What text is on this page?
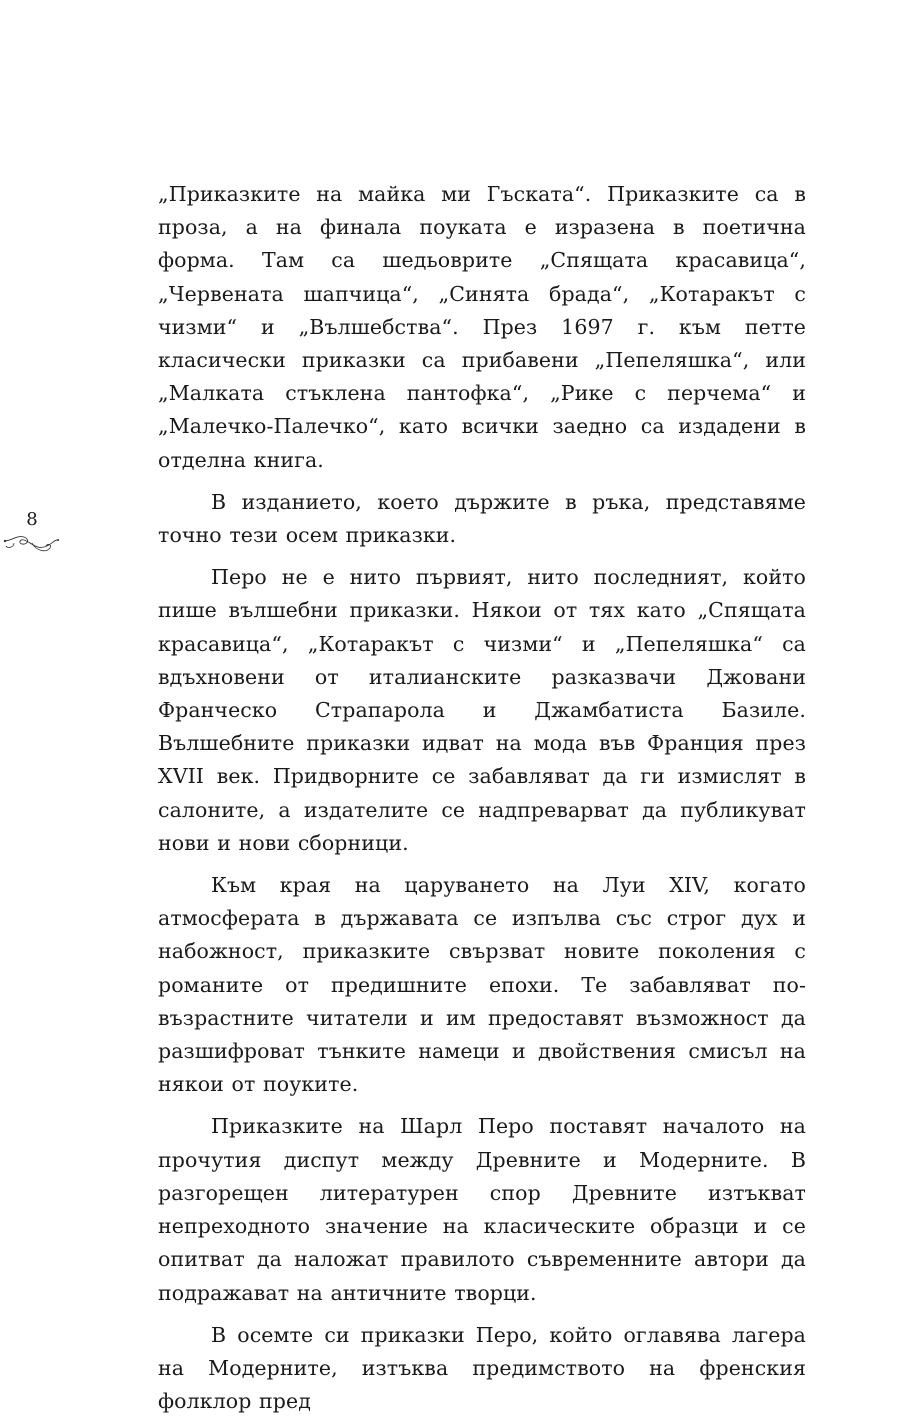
8

„Приказките на майка ми Гъската“. Приказките са в проза, а на финала поуката е изразена в поетична форма. Там са шедьоврите „Спящата красавица“, „Червената шапчица“, „Синята брада“, „Котаракът с чизми“ и „Вълшебства“. През 1697 г. към петте класически приказки са прибавени „Пепеляшка“, или „Малката стъклена пантофка“, „Рике с перчема“ и „Малечко-Палечко“, като всички заедно са издадени в отделна книга.

В изданието, което държите в ръка, представяме точно тези осем приказки.

Перо не е нито първият, нито последният, който пише вълшебни приказки. Някои от тях като „Спящата красавица“, „Котаракът с чизми“ и „Пепеляшка“ са вдъхновени от италианските разказвачи Джовани Франческо Страпарола и Джамбатиста Базиле. Вълшебните приказки идват на мода във Франция през XVII век. Придворните се забавляват да ги измислят в салоните, а издателите се надпреварват да публикуват нови и нови сборници.

Към края на царуването на Луи XIV, когато атмосферата в държавата се изпълва със строг дух и набожност, приказките свързват новите поколения с романите от предишните епохи. Те забавляват по-възрастните читатели и им предоставят възможност да разшифроват тънките намеци и двойствения смисъл на някои от поуките.

Приказките на Шарл Перо поставят началото на прочутия диспут между Древните и Модерните. В разгорещен литературен спор Древните изтъкват непреходното значение на класическите образци и се опитват да наложат правилото съвременните автори да подражават на античните творци.

В осемте си приказки Перо, който оглавява лагера на Модерните, изтъква предимството на френския фолклор пред
